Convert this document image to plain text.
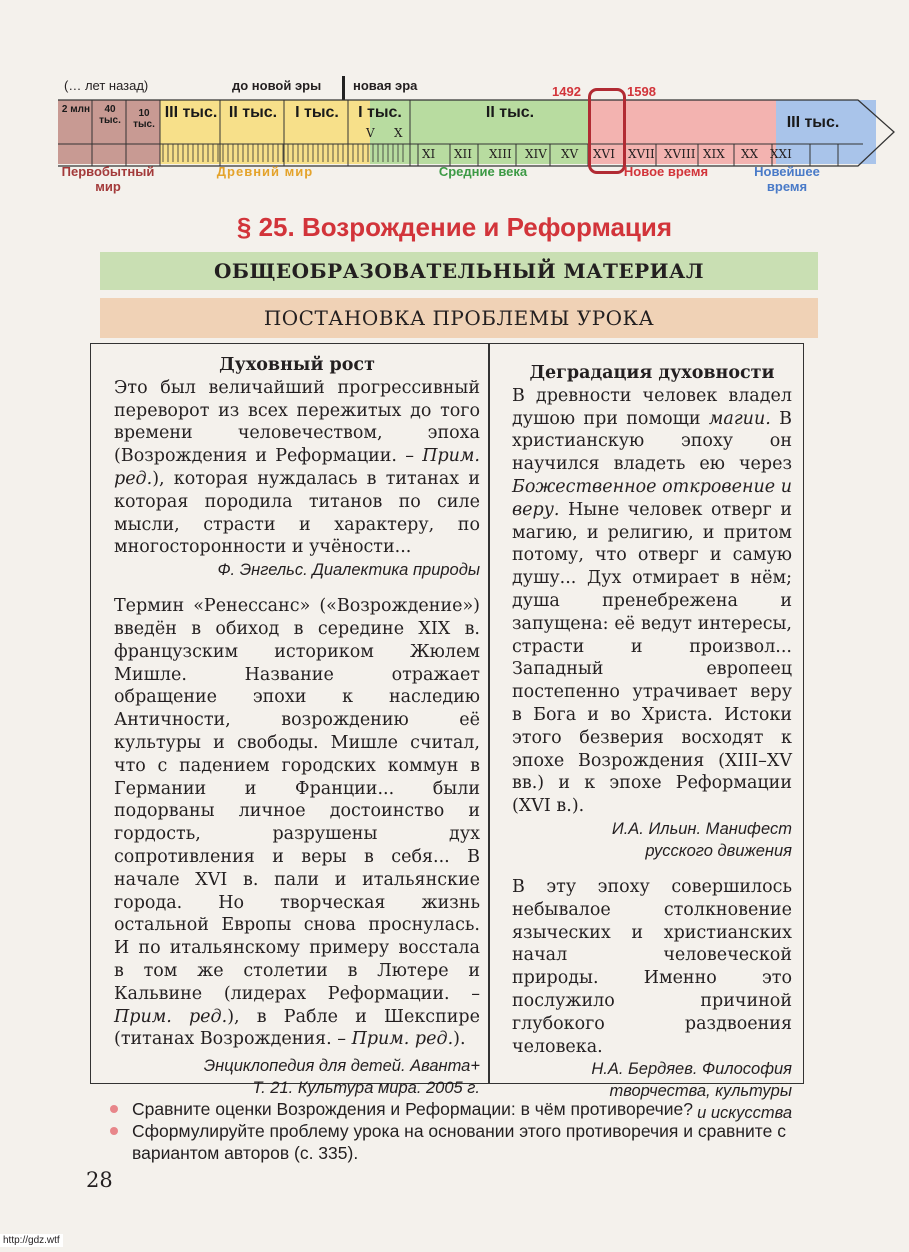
(… лет назад)	до новой эры новая эра	1492	1598
2 млн	40 тыс.
10 тыс.
III тыс. II тыс.	I тыс.	I тыс.	II тыс.
III тыс.
V X
XI XII XIII XIV XV XVI XVII XVIII XIX XX XXI
Первобытный мир
Древний мир	Средние века	Новое время	Новейшее время
§ 25. Возрождение и Реформация
ОБЩЕОБРАЗОВАТЕЛЬНЫЙ МАТЕРИАЛ
ПОСТАНОВКА ПРОБЛЕМЫ УРОКА

Духовный рост

Это был величайший прогрессивный переворот из всех пережитых до того времени человечеством, эпоха (Возрождения и Реформации. – Прим. ред.), которая нуждалась в титанах и которая породила титанов по силе мысли, страсти и характеру, по многосторонности и учёности...

Ф. Энгельс. Диалектика природы

Термин «Ренессанс» («Возрождение») введён в обиход в середине XIX в. французским историком Жюлем Мишле. Название отражает обращение эпохи к наследию Античности, возрождению её культуры и свободы. Мишле считал, что с падением городских коммун в Германии и Франции... были подорваны личное достоинство и гордость, разрушены дух сопротивления и веры в себя... В начале XVI в. пали и итальянские города. Но творческая жизнь остальной Европы снова проснулась. И по итальянскому примеру восстала в том же столетии в Лютере и Кальвине (лидерах Реформации. – Прим. ред.), в Рабле и Шекспире (титанах Возрождения. – Прим. ред.).

Энциклопедия для детей. Аванта+
Т. 21. Культура мира. 2005 г.

Деградация духовности

В древности человек владел душою при помощи магии. В христианскую эпоху он научился владеть ею через Божественное откровение и веру. Ныне человек отверг и магию, и религию, и притом потому, что отверг и самую душу... Дух отмирает в нём; душа пренебрежена и запущена: её ведут интересы, страсти и произвол... Западный европеец постепенно утрачивает веру в Бога и во Христа. Истоки этого безверия восходят к эпохе Возрождения (XIII–XV вв.) и к эпохе Реформации (XVI в.).

И.А. Ильин. Манифест
русского движения

В эту эпоху совершилось небывалое столкновение языческих и христианских начал человеческой природы. Именно это послужило причиной глубокого раздвоения человека.

Н.А. Бердяев. Философия
творчества, культуры
и искусства

Сравните оценки Возрождения и Реформации: в чём противоречие?
Сформулируйте проблему урока на основании этого противоречия и сравните с вариантом авторов (с. 335).
28
http://gdz.wtf
